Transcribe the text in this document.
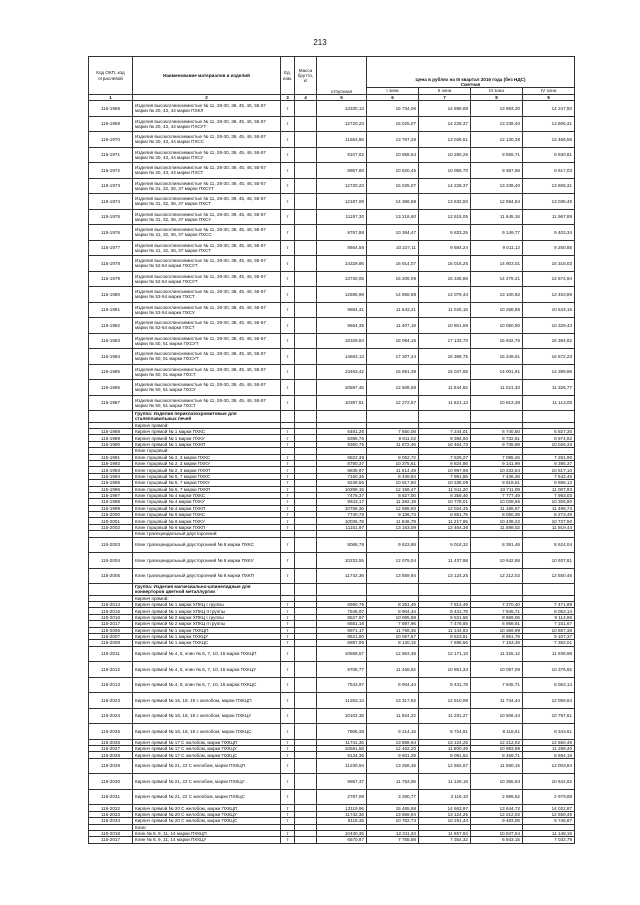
213
Код ОКП, код отраслевой	Наименование материалов и изделий	Ед. изм.	Масса брутто, кг	отпускная	Цена в рублях на III квартал 2016 года (без НДС)
Сметная			

					I зона	II зона	III зона	IV зона
1	2	3	4	5	6	7	8	9
115-1968	Изделия высокоглиноземистые № 11, 28-30, 38, 45, 46, 55-57 марки № 20, 43, 44 марки ПХКЛ	т		13330,13	15 734,06	14 898,88	13 893,30	14 247,50
115-1969	Изделия высокоглиноземистые № 11, 28-30, 38, 45, 46, 55-57 марки № 20, 43, 44 марки ПХСУТ	т		12720,23	15 025,07	14 228,37	13 239,40	13 606,31
115-1970	Изделия высокоглиноземистые № 11, 28-30, 38, 45, 46, 55-57 марки № 20, 43, 44 марки ПХСС	т		11663,86	13 767,29	13 036,51	12 130,38	12 466,56
115-1971	Изделия высокоглиноземистые № 11, 28-30, 38, 45, 46, 55-57 марки № 20, 43, 44 марки ПХСУ	т		9107,62	10 858,54	10 280,26	9 565,71	9 830,81
115-1972	Изделия высокоглиноземистые № 11, 28-30, 38, 45, 46, 55-57 марки № 20, 43, 44 марки ПХСТ	т		8967,80	10 620,45	10 056,70	9 357,58	9 617,03
115-1973	Изделия высокоглиноземистые № 11, 28-30, 38, 45, 46, 55-57 марки № 31, 32, 36, 37 марки ПХСУТ	т		12720,23	15 025,07	14 228,37	13 239,40	13 606,31
115-1974	Изделия высокоглиноземистые № 11, 28-30, 38, 45, 46, 55-57 марки № 31, 32, 36, 37 марки ПХСТ	т		12187,09	14 396,59	13 632,50	12 684,94	13 036,49
115-1975	Изделия высокоглиноземистые № 11, 28-30, 38, 45, 46, 55-57 марки № 31, 32, 36, 37 марки ПХСУ	т		11197,30	13 216,60	12 515,05	11 645,16	11 967,89
115-1976	Изделия высокоглиноземистые № 11, 28-30, 38, 45, 46, 55-57 марки № 31, 32, 36, 37 марки ПХСС	т		8767,88	10 384,47	9 833,25	9 149,77	9 403,34
115-1977	Изделия высокоглиноземистые № 11, 28-30, 38, 45, 46, 55-57 марки № 31, 32, 36, 37 марки ПХСТ	т		8664,56	10 227,11	9 684,24	9 011,12	9 260,85
115-1978	Изделия высокоглиноземистые № 11, 28-30, 38, 45, 46, 55-57 марки № 52-54 марки ПХСУТ	т		14329,86	16 914,07	16 016,25	14 903,01	15 316,03
115-1979	Изделия высокоглиноземистые № 11, 28-30, 38, 45, 46, 55-57 марки № 52-54 марки ПХСУТ	т		13730,05	16 206,09	15 345,86	14 279,21	14 674,94
115-1980	Изделия высокоглиноземистые № 11, 28-30, 38, 45, 46, 55-57 марки № 52-54 марки ПХСТ	т		12596,98	14 868,68	14 079,44	13 100,82	13 463,89
115-1981	Изделия высокоглиноземистые № 11, 28-30, 38, 45, 46, 55-57 марки № 52-54 марки ПХСУ	т		9884,31	11 643,21	11 025,18	10 258,85	10 543,16
115-1982	Изделия высокоглиноземистые № 11, 28-30, 38, 45, 46, 55-57 марки № 52-54 марки ПХСТ	т		9664,35	11 407,19	10 801,69	10 050,90	10 329,44
115-1983	Изделия высокоглиноземистые № 11, 28-30, 38, 45, 46, 55-57 марки № 50, 51 марки ПХСУТ	т		15329,84	18 094,15	17 133,70	15 942,76	16 384,62
115-1984	Изделия высокоглиноземистые № 11, 28-30, 38, 45, 46, 55-57 марки № 50, 51 марки ПХСУТ	т		14663,13	17 307,44	16 388,75	15 249,61	15 672,23
115-1985	Изделия высокоглиноземистые № 11, 28-30, 38, 45, 46, 55-57 марки № 50, 51 марки ПХСТ	т		13463,42	15 891,39	15 047,85	14 001,91	14 389,96
115-1986	Изделия высокоглиноземистые № 11, 28-30, 38, 45, 46, 55-57 марки № 50, 51 марки ПХСУ	т		10597,46	12 508,58	11 844,62	11 021,33	11 326,77
115-1987	Изделия высокоглиноземистые № 11, 28-30, 38, 45, 46, 55-57 марки № 50, 51 марки ПХСТ	т		10397,51	12 272,57	11 621,13	10 813,38	11 113,05
	Группа: Изделия периклазохромитовые для сталеплавильных печей							
	Кирпич прямой:							
115-1988	Кирпич прямой № 1 марки ПХКС	т		6481,26	7 650,08	7 244,01	6 740,50	6 927,30
115-1989	Кирпич прямой № 1 марки ПХКУ	т		8396,75	9 911,02	9 384,93	8 732,61	8 974,62
115-1990	Кирпич прямой № 1 марки ПХКП	т		9360,75	11 072,46	10 464,73	9 735,98	10 026,33
	Клин торцовый:							
115-1991	Клин торцовый № 2, 3 марки ПХКС	т		6822,39	8 052,72	7 625,27	7 095,26	7 291,90
115-1992	Клин торцовый № 2, 3 марки ПХКУ	т		8790,37	10 375,61	9 824,86	9 141,99	9 395,37
115-1993	Клин торцовый № 2, 3 марки ПХКП	т		9839,97	11 614,49	10 997,98	10 233,54	10 517,10
115-1994	Клин торцовый № 5, 7 марки ПХКС	т		7150,36	8 439,84	7 991,85	7 436,38	7 642,45
115-1995	Клин торцовый № 5, 7 марки ПХКУ	т		9249,56	10 917,60	10 338,09	9 619,51	9 886,12
115-1996	Клин торцовый № 5, 7 марки ПХКП	т		10299,15	12 156,47	11 511,20	10 711,09	11 007,93
115-1997	Клин торцовый № 4 марки ПХКС	т		7476,37	8 827,00	8 358,46	7 777,49	7 993,03
115-1998	Клин торцовый № 4 марки ПХКУ	т		9643,17	11 382,19	10 778,01	10 028,86	10 306,80
115-1999	Клин торцовый № 4 марки ПХКП	т		10758,36	12 698,50	12 024,45	11 188,67	11 498,74
115-2000	Клин торцовый № 6 марки ПХКС	т		7740,78	9 136,73	8 651,75	8 050,39	8 273,48
115-2001	Клин торцовый № 6 марки ПХКУ	т		10036,78	11 846,78	11 217,95	10 438,22	10 727,50
115-2002	Клин торцовый № 6 марки ПХКП	т		11151,97	13 163,09	12 464,38	11 598,02	11 919,44
	Клин трапецеидальный двусторонний:							
115-2003	Клин трапецеидальный двусторонний № 8 марки ПХКС	т		8068,78	9 523,88	9 018,32	8 391,48	8 624,04
115-2004	Клин трапецеидальный двусторонний № 8 марки ПХКУ	т		10233,55	12 079,04	11 437,88	10 642,86	10 937,81
115-2005	Клин трапецеидальный двусторонний № 8 марки ПХКП	т		11742,36	13 859,94	13 124,25	12 212,02	12 550,46
	Группа: Изделия магнезиально-шпинелидные для конверторов цветной металлургии							
	Кирпич прямой:							
115-2014	Кирпич прямой № 1 марки ХПКЦ I группы	т		6990,79	8 251,49	7 813,49	7 270,40	7 471,89
115-2015	Кирпич прямой № 1 марки ХПКЦ II группы	т		7545,97	8 904,44	8 431,78	7 845,71	8 063,14
115-2016	Кирпич прямой № 2 марки ХПКЦ I группы	т		8527,97	10 065,88	9 531,58	8 869,06	9 114,86
115-2017	Кирпич прямой № 2 марки ХПКЦ II группы	т		6681,18	7 897,96	7 478,65	6 958,81	7 151,67
115-2006	Кирпич прямой № 1 марки ПХКЦП	т		9971,17	11 769,35	11 144,63	10 369,99	10 657,38
115-2007	Кирпич прямой № 1 марки ПХКЦУ	т		8521,80	10 057,67	9 523,81	8 861,79	9 107,37
115-2008	Кирпич прямой № 1 марки ПХКЦС	т		6887,99	8 130,15	7 698,56	7 163,49	7 362,01
115-2011	Кирпич прямой № 4, 5, клин № 6, 7, 10, 15 марки ПХКЦП	т		10589,57	12 863,36	12 171,10	11 325,12	11 638,98
115-2012	Кирпич прямой № 4, 5, клин № 6, 7, 10, 15 марки ПХКЦУ	т		9708,77	11 459,62	10 851,34	10 097,09	10 376,92
115-2013	Кирпич прямой № 4, 5, клин № 6, 7, 10, 15 марки ПХКЦС	т		7543,97	8 904,44	8 431,78	7 845,71	8 063,14
115-2023	Кирпич прямой № 16, 18, 19 с желобом, марки ПХКЦП	т		11263,14	13 317,92	12 610,99	11 734,44	12 059,64
115-2024	Кирпич прямой № 16, 18, 19 с желобом, марки ПХКЦУ	т		10102,38	11 924,22	11 291,27	10 506,44	10 797,61
115-2025	Кирпич прямой № 16, 18, 19 с желобом, марки ПХКЦС	т		7806,38	9 214,16	8 724,91	8 118,61	8 343,61
115-2026	Кирпич прямой № 17 С желобом, марки ПХКЦП	т		11741,36	13 858,94	13 124,25	12 212,02	12 550,46
115-2027	Кирпич прямой № 17 С желобом, марки ПХКЦУ	т		10581,58	12 462,20	11 800,49	10 983,99	11 288,40
115-2028	Кирпич прямой № 17 С желобом, марки ПХКЦС	т		8134,36	9 601,29	9 091,64	8 459,71	8 694,16
115-2029	Кирпич прямой № 21, 22 С желобом, марки ПХКЦП	т		11230,94	13 256,35	12 552,67	11 680,15	12 003,84
115-2030	Кирпич прямой № 21, 22 С желобом, марки ПХКЦУ	т		9957,37	11 753,05	11 129,19	10 355,63	10 642,62
115-2031	Кирпич прямой № 21, 22 С желобом, марки ПХКЦС	т		2787,99	3 290,77	3 116,10	2 899,52	2 979,88
115-2032	Кирпич прямой № 20 С желобом, марки ПХКЦП	т		13119,96	15 485,98	14 663,97	13 644,72	14 022,87
115-2033	Кирпич прямой № 20 С желобом, марки ПХКЦУ	т		11742,36	13 859,94	13 124,25	12 212,02	12 550,46
115-2034	Кирпич прямой № 20 С желобом, марки ПХКЦС	т		9118,35	10 762,73	10 191,44	9 483,06	9 745,87
	Клин:							
115-2018	Клин № 8, 9, 11, 14 марки ПХКЦП	т		10430,35	12 311,34	11 657,84	10 847,54	11 148,16
115-2017	Клин № 8, 9, 11, 14 марки ПХКЦУ	т		6570,87	7 755,58	7 354,32	6 843,15	7 032,79
